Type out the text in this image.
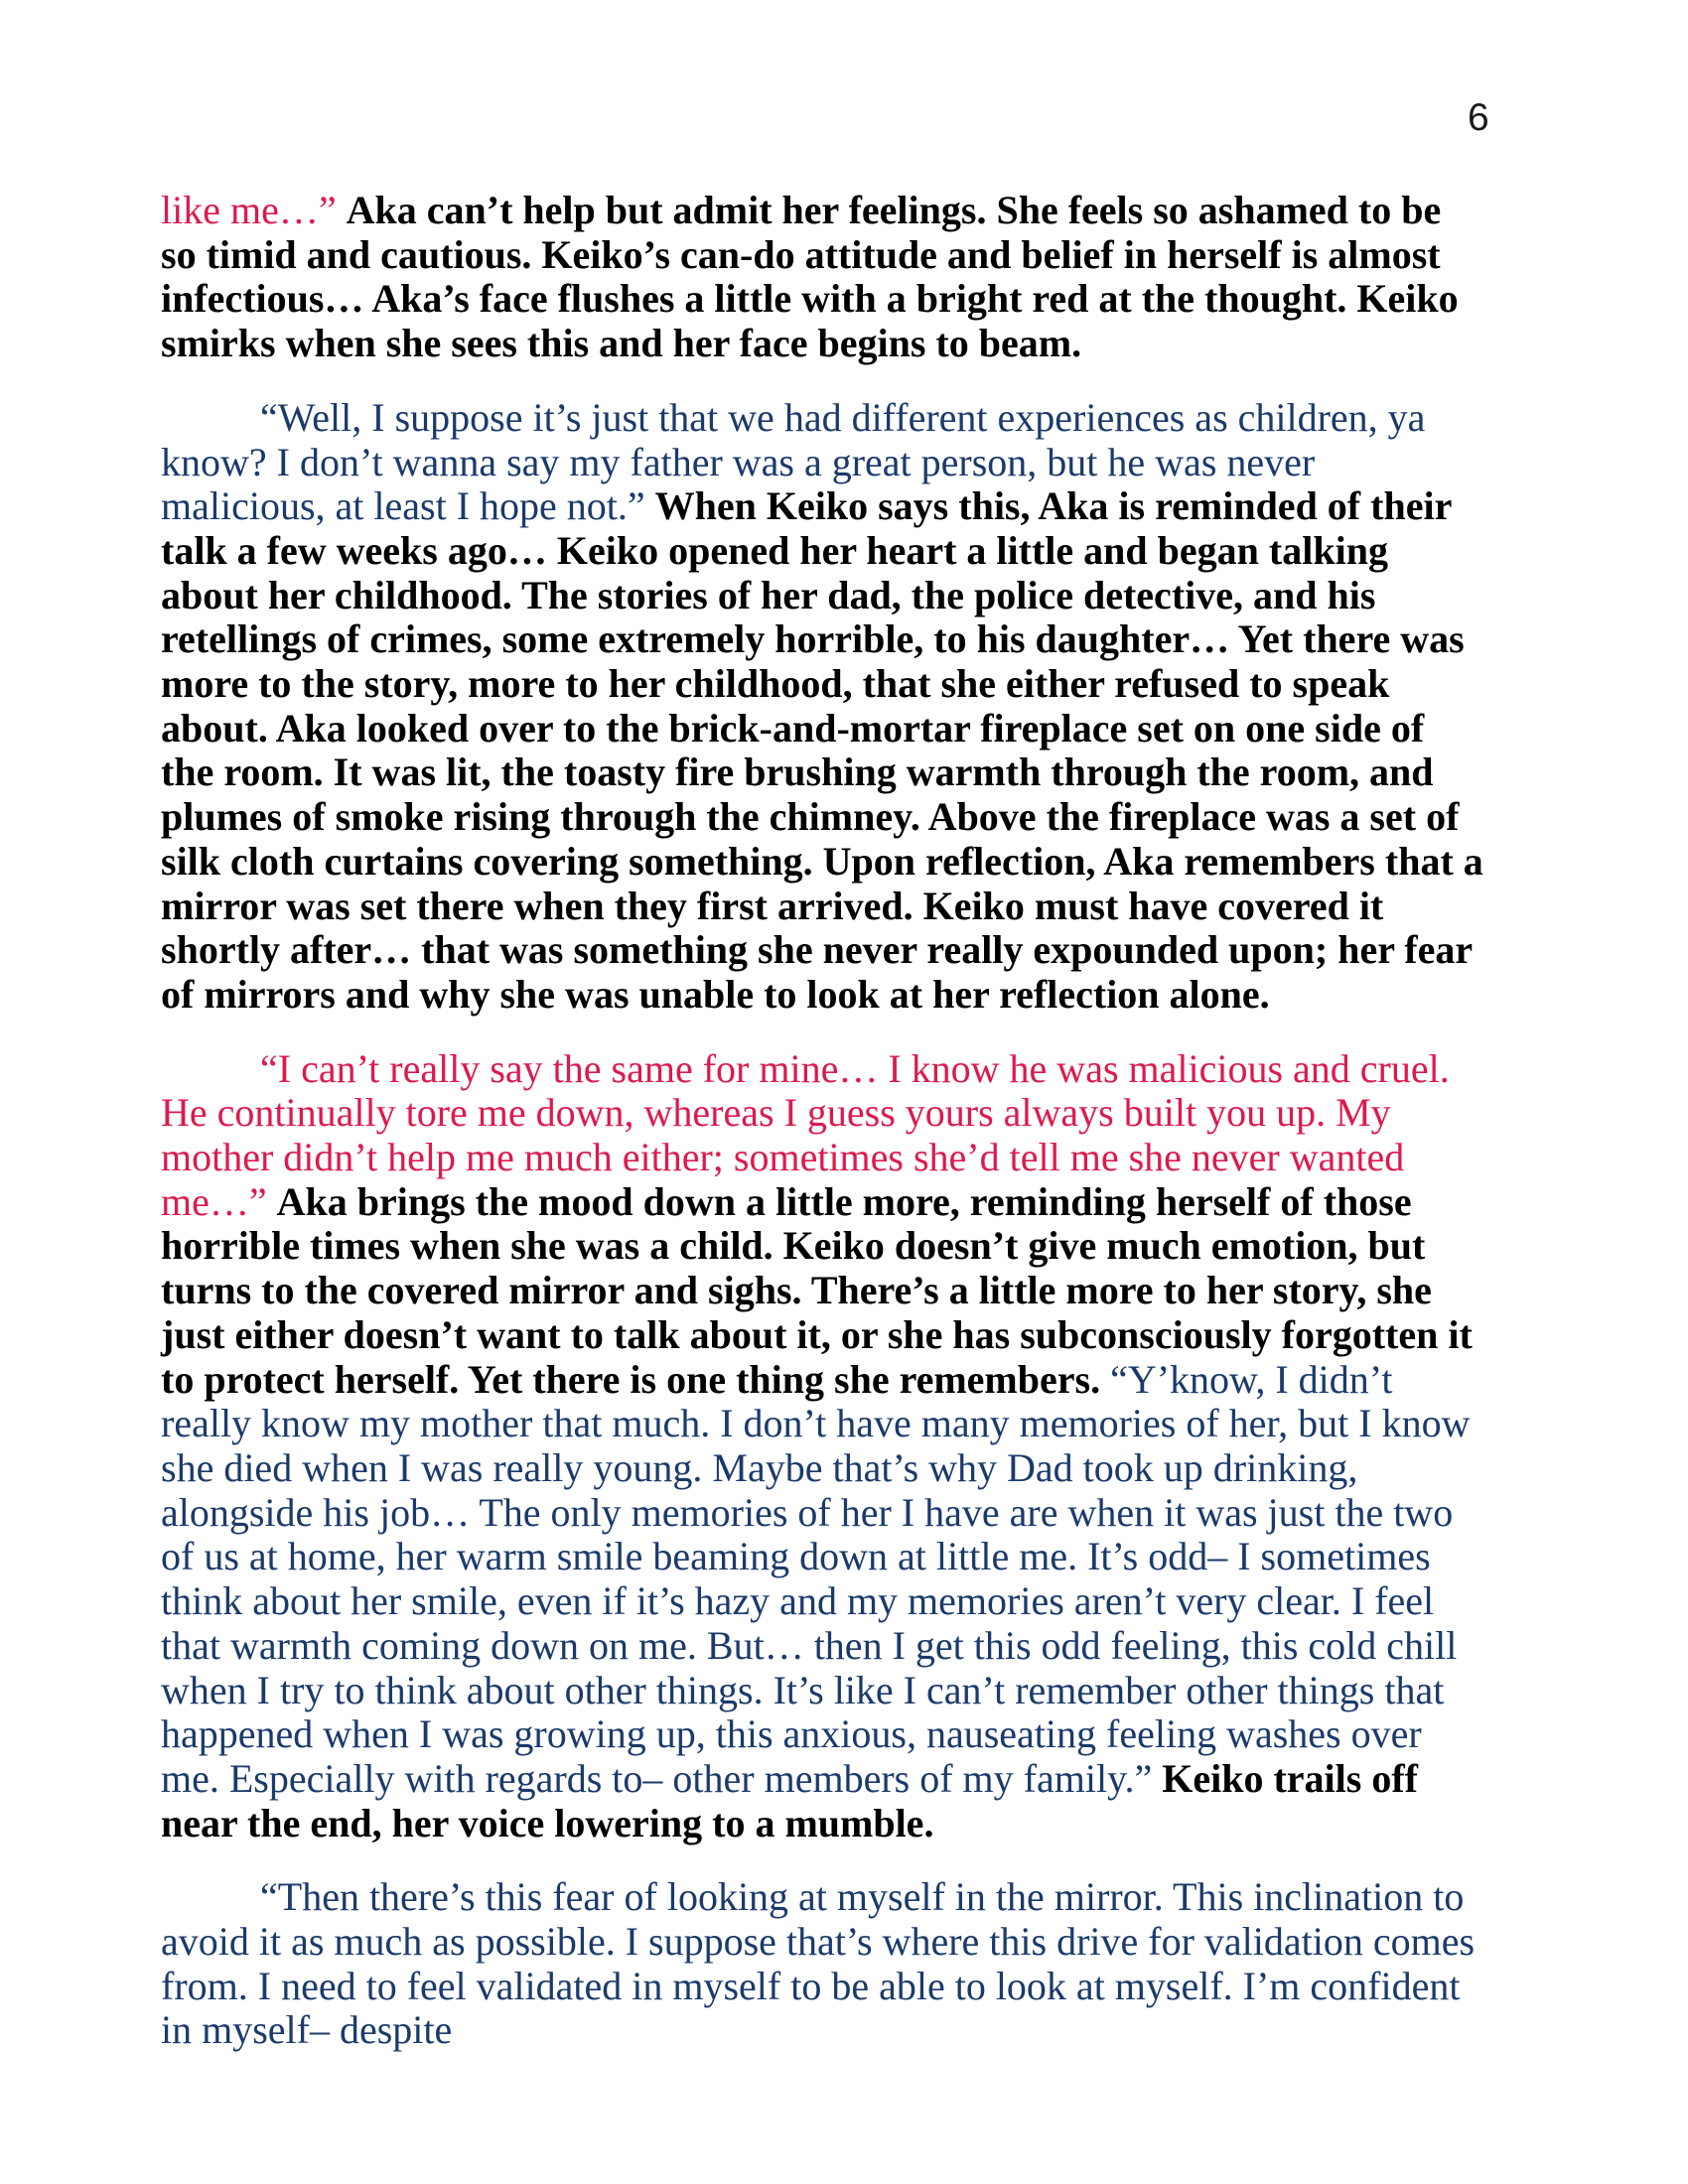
6

like me…” Aka can’t help but admit her feelings. She feels so ashamed to be so timid and cautious. Keiko’s can-do attitude and belief in herself is almost infectious… Aka’s face flushes a little with a bright red at the thought. Keiko smirks when she sees this and her face begins to beam.

“Well, I suppose it’s just that we had different experiences as children, ya know? I don’t wanna say my father was a great person, but he was never malicious, at least I hope not.” When Keiko says this, Aka is reminded of their talk a few weeks ago… Keiko opened her heart a little and began talking about her childhood. The stories of her dad, the police detective, and his retellings of crimes, some extremely horrible, to his daughter… Yet there was more to the story, more to her childhood, that she either refused to speak about. Aka looked over to the brick-and-mortar fireplace set on one side of the room. It was lit, the toasty fire brushing warmth through the room, and plumes of smoke rising through the chimney. Above the fireplace was a set of silk cloth curtains covering something. Upon reflection, Aka remembers that a mirror was set there when they first arrived. Keiko must have covered it shortly after… that was something she never really expounded upon; her fear of mirrors and why she was unable to look at her reflection alone.

“I can’t really say the same for mine… I know he was malicious and cruel. He continually tore me down, whereas I guess yours always built you up. My mother didn’t help me much either; sometimes she’d tell me she never wanted me…” Aka brings the mood down a little more, reminding herself of those horrible times when she was a child. Keiko doesn’t give much emotion, but turns to the covered mirror and sighs. There’s a little more to her story, she just either doesn’t want to talk about it, or she has subconsciously forgotten it to protect herself. Yet there is one thing she remembers. “Y’know, I didn’t really know my mother that much. I don’t have many memories of her, but I know she died when I was really young. Maybe that’s why Dad took up drinking, alongside his job… The only memories of her I have are when it was just the two of us at home, her warm smile beaming down at little me. It’s odd– I sometimes think about her smile, even if it’s hazy and my memories aren’t very clear. I feel that warmth coming down on me. But… then I get this odd feeling, this cold chill when I try to think about other things. It’s like I can’t remember other things that happened when I was growing up, this anxious, nauseating feeling washes over me. Especially with regards to– other members of my family.” Keiko trails off near the end, her voice lowering to a mumble.

“Then there’s this fear of looking at myself in the mirror. This inclination to avoid it as much as possible. I suppose that’s where this drive for validation comes from. I need to feel validated in myself to be able to look at myself. I’m confident in myself– despite
